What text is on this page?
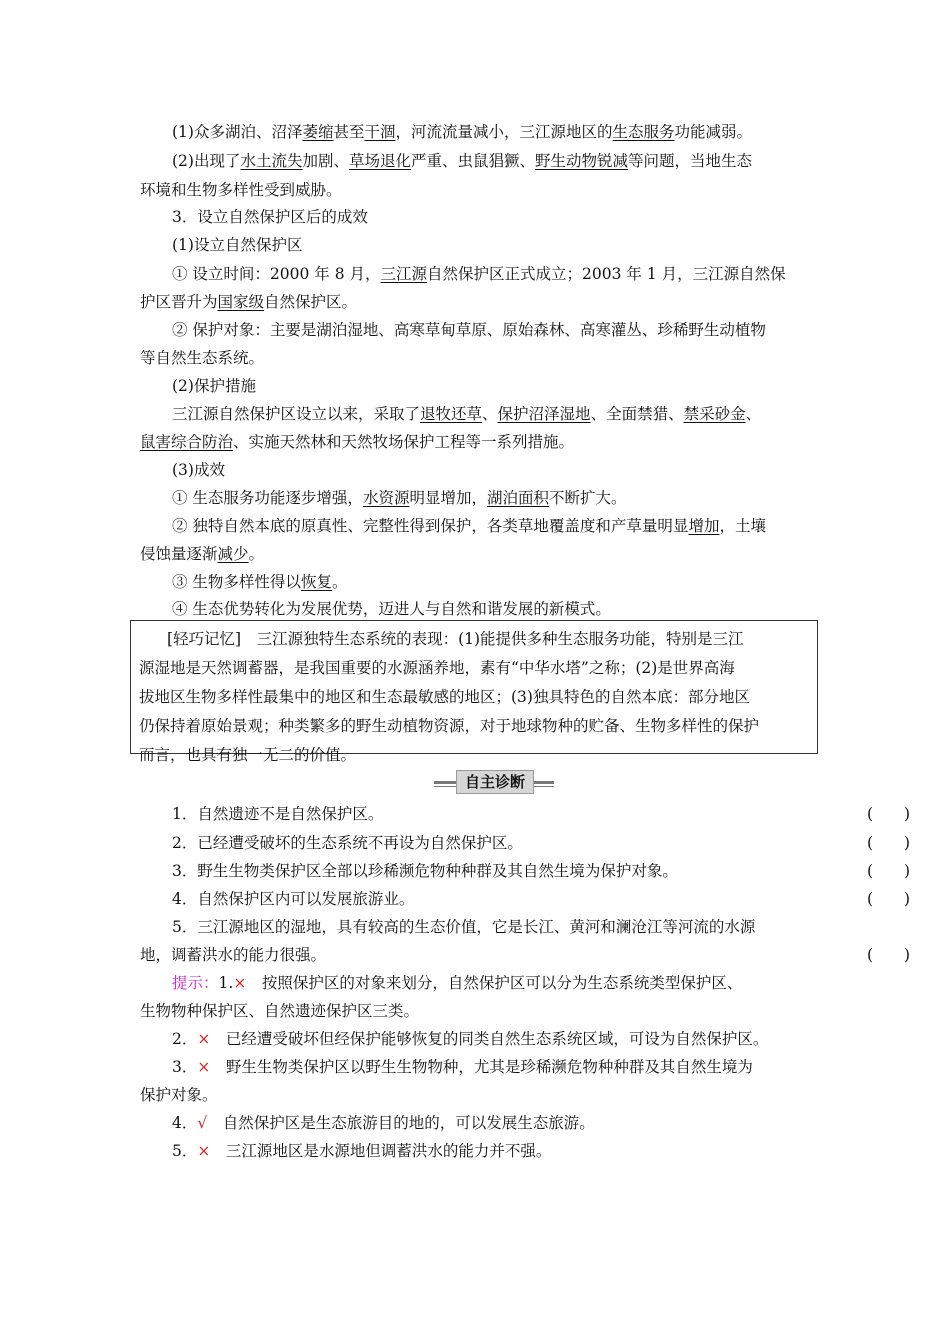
(1)众多湖泊、沼泽萎缩甚至干涸，河流流量减小，三江源地区的生态服务功能减弱。
(2)出现了水土流失加剧、草场退化严重、虫鼠猖獗、野生动物锐减等问题，当地生态
环境和生物多样性受到威胁。
3．设立自然保护区后的成效
(1)设立自然保护区
① 设立时间：2000 年 8 月，三江源自然保护区正式成立；2003 年 1 月，三江源自然保
护区晋升为国家级自然保护区。
② 保护对象：主要是湖泊湿地、高寒草甸草原、原始森林、高寒灌丛、珍稀野生动植物
等自然生态系统。
(2)保护措施
三江源自然保护区设立以来，采取了退牧还草、保护沼泽湿地、全面禁猎、禁采砂金、
鼠害综合防治、实施天然林和天然牧场保护工程等一系列措施。
(3)成效
① 生态服务功能逐步增强，水资源明显增加，湖泊面积不断扩大。
② 独特自然本底的原真性、完整性得到保护，各类草地覆盖度和产草量明显增加，土壤
侵蚀量逐渐减少。
③ 生物多样性得以恢复。
④ 生态优势转化为发展优势，迈进人与自然和谐发展的新模式。
[轻巧记忆]　三江源独特生态系统的表现：(1)能提供多种生态服务功能，特别是三江
源湿地是天然调蓄器，是我国重要的水源涵养地，素有“中华水塔”之称；(2)是世界高海
拔地区生物多样性最集中的地区和生态最敏感的地区；(3)独具特色的自然本底：部分地区
仍保持着原始景观；种类繁多的野生动植物资源，对于地球物种的贮备、生物多样性的保护
而言，也具有独一无二的价值。
自主诊断
1．自然遗迹不是自然保护区。	(　　)
2．已经遭受破坏的生态系统不再设为自然保护区。	(　　)
3．野生生物类保护区全部以珍稀濒危物种种群及其自然生境为保护对象。	(　　)
4．自然保护区内可以发展旅游业。	(　　)
5．三江源地区的湿地，具有较高的生态价值，它是长江、黄河和澜沧江等河流的水源
地，调蓄洪水的能力很强。	(　　)
提示：1.×　按照保护区的对象来划分，自然保护区可以分为生态系统类型保护区、
生物物种保护区、自然遗迹保护区三类。
2．×　已经遭受破坏但经保护能够恢复的同类自然生态系统区域，可设为自然保护区。
3．×　野生生物类保护区以野生生物物种，尤其是珍稀濒危物种种群及其自然生境为
保护对象。
4．√　自然保护区是生态旅游目的地的，可以发展生态旅游。
5．×　三江源地区是水源地但调蓄洪水的能力并不强。
